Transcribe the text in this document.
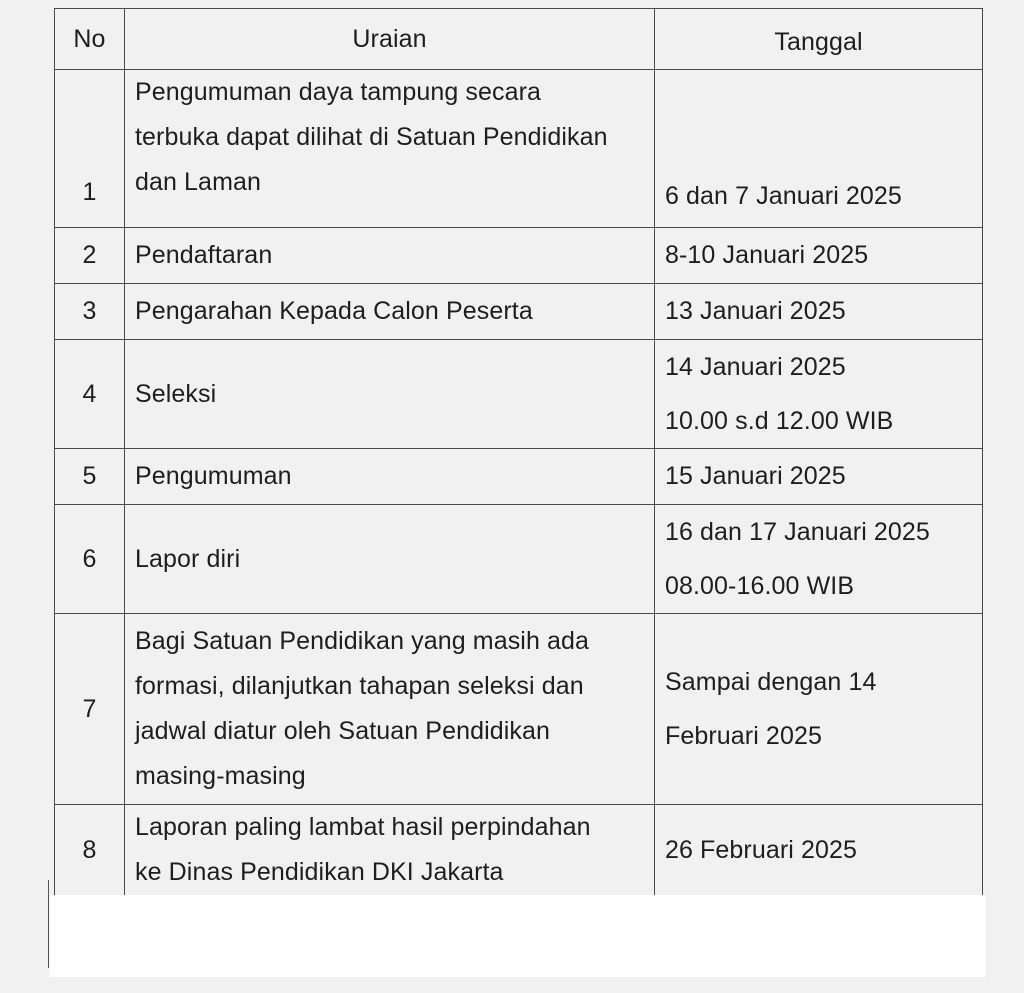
No	Uraian	Tanggal
1	Pengumuman daya tampung secara
terbuka dapat dilihat di Satuan Pendidikan
dan Laman	6 dan 7 Januari 2025

2	Pendaftaran	8-10 Januari 2025

3	Pengarahan Kepada Calon Peserta	13 Januari 2025

4	Seleksi	14 Januari 2025
10.00 s.d 12.00 WIB

5	Pengumuman	15 Januari 2025

6	Lapor diri	16 dan 17 Januari 2025
08.00-16.00 WIB

7	Bagi Satuan Pendidikan yang masih ada
formasi, dilanjutkan tahapan seleksi dan
jadwal diatur oleh Satuan Pendidikan
masing-masing	Sampai dengan 14
Februari 2025

8	Laporan paling lambat hasil perpindahan
ke Dinas Pendidikan DKI Jakarta	26 Februari 2025
